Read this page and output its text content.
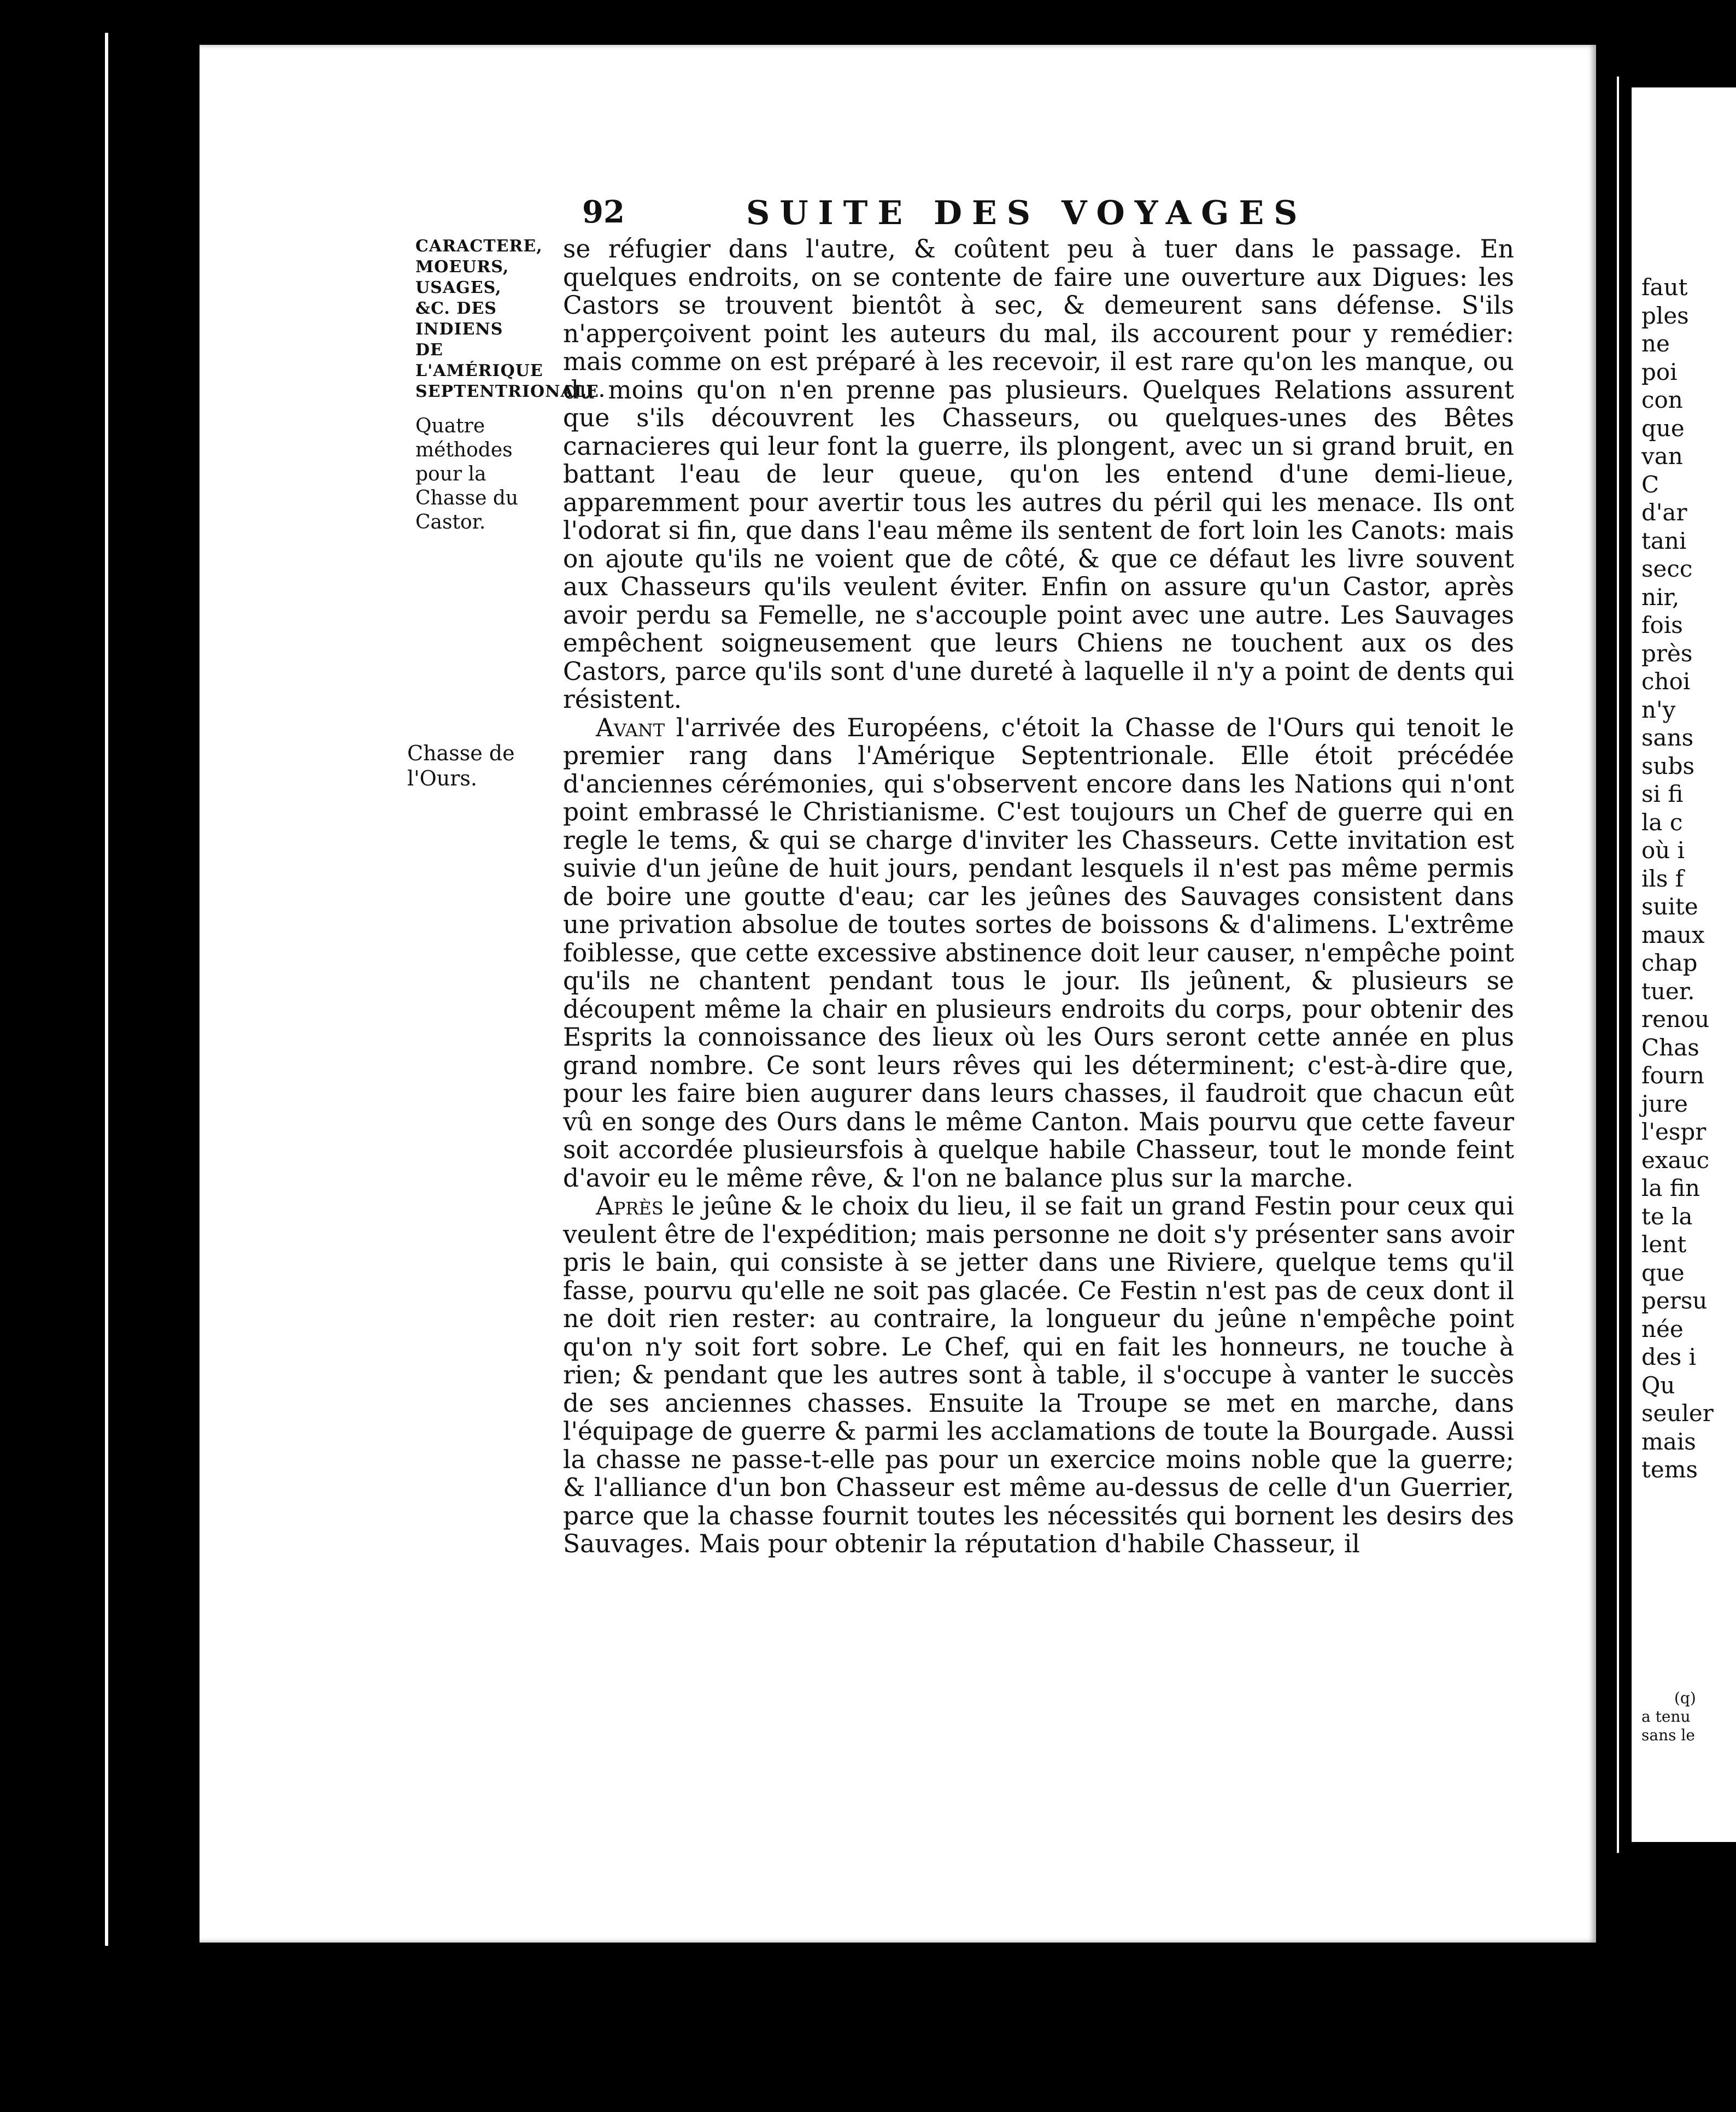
92	SUITE DES VOYAGES
CARACTERE, MOEURS, USAGES, &C. DES INDIENS DE L'AMÉRIQUE SEPTENTRIONALE.
Quatre méthodes pour la Chasse du Castor.
Chasse de l'Ours.

se réfugier dans l'autre, & coûtent peu à tuer dans le passage. En quelques endroits, on se contente de faire une ouverture aux Digues: les Castors se trouvent bientôt à sec, & demeurent sans défense. S'ils n'apperçoivent point les auteurs du mal, ils accourent pour y remédier: mais comme on est préparé à les recevoir, il est rare qu'on les manque, ou du moins qu'on n'en prenne pas plusieurs. Quelques Relations assurent que s'ils découvrent les Chasseurs, ou quelques-unes des Bêtes carnacieres qui leur font la guerre, ils plongent, avec un si grand bruit, en battant l'eau de leur queue, qu'on les entend d'une demi-lieue, apparemment pour avertir tous les autres du péril qui les menace. Ils ont l'odorat si fin, que dans l'eau même ils sentent de fort loin les Canots: mais on ajoute qu'ils ne voient que de côté, & que ce défaut les livre souvent aux Chasseurs qu'ils veulent éviter. Enfin on assure qu'un Castor, après avoir perdu sa Femelle, ne s'accouple point avec une autre. Les Sauvages empêchent soigneusement que leurs Chiens ne touchent aux os des Castors, parce qu'ils sont d'une dureté à laquelle il n'y a point de dents qui résistent.

Avant l'arrivée des Européens, c'étoit la Chasse de l'Ours qui tenoit le premier rang dans l'Amérique Septentrionale. Elle étoit précédée d'anciennes cérémonies, qui s'observent encore dans les Nations qui n'ont point embrassé le Christianisme. C'est toujours un Chef de guerre qui en regle le tems, & qui se charge d'inviter les Chasseurs. Cette invitation est suivie d'un jeûne de huit jours, pendant lesquels il n'est pas même permis de boire une goutte d'eau; car les jeûnes des Sauvages consistent dans une privation absolue de toutes sortes de boissons & d'alimens. L'extrême foiblesse, que cette excessive abstinence doit leur causer, n'empêche point qu'ils ne chantent pendant tous le jour. Ils jeûnent, & plusieurs se découpent même la chair en plusieurs endroits du corps, pour obtenir des Esprits la connoissance des lieux où les Ours seront cette année en plus grand nombre. Ce sont leurs rêves qui les déterminent; c'est-à-dire que, pour les faire bien augurer dans leurs chasses, il faudroit que chacun eût vû en songe des Ours dans le même Canton. Mais pourvu que cette faveur soit accordée plusieursfois à quelque habile Chasseur, tout le monde feint d'avoir eu le même rêve, & l'on ne balance plus sur la marche.

Après le jeûne & le choix du lieu, il se fait un grand Festin pour ceux qui veulent être de l'expédition; mais personne ne doit s'y présenter sans avoir pris le bain, qui consiste à se jetter dans une Riviere, quelque tems qu'il fasse, pourvu qu'elle ne soit pas glacée. Ce Festin n'est pas de ceux dont il ne doit rien rester: au contraire, la longueur du jeûne n'empêche point qu'on n'y soit fort sobre. Le Chef, qui en fait les honneurs, ne touche à rien; & pendant que les autres sont à table, il s'occupe à vanter le succès de ses anciennes chasses. Ensuite la Troupe se met en marche, dans l'équipage de guerre & parmi les acclamations de toute la Bourgade. Aussi la chasse ne passe-t-elle pas pour un exercice moins noble que la guerre; & l'alliance d'un bon Chasseur est même au-dessus de celle d'un Guerrier, parce que la chasse fournit toutes les nécessités qui bornent les desirs des Sauvages. Mais pour obtenir la réputation d'habile Chasseur, il

faut
ples
ne
poi
con
que
van
C
d'ar
tani
secc
nir,
fois
près
choi
n'y
sans
subs
si fi
la c
où i
ils f
suite
maux
chap
tuer.
renou
Chas
fourn
jure
l'espr
exauc
la fin
te la
lent
que
persu
née
des i
Qu
seuler
mais
tems
(q)
a tenu
sans le
